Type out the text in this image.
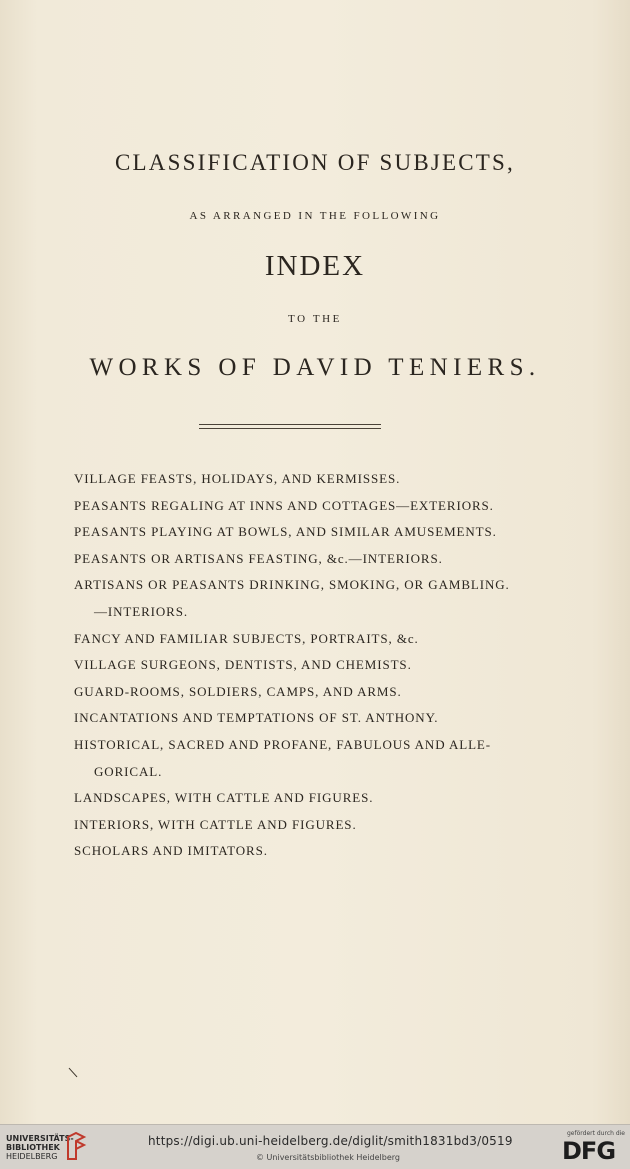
CLASSIFICATION OF SUBJECTS,
AS ARRANGED IN THE FOLLOWING
INDEX
TO THE
WORKS OF DAVID TENIERS.
VILLAGE FEASTS, HOLIDAYS, AND KERMISSES.
PEASANTS REGALING AT INNS AND COTTAGES—EXTERIORS.
PEASANTS PLAYING AT BOWLS, AND SIMILAR AMUSEMENTS.
PEASANTS OR ARTISANS FEASTING, &c.—INTERIORS.
ARTISANS OR PEASANTS DRINKING, SMOKING, OR GAMBLING.
—INTERIORS.
FANCY AND FAMILIAR SUBJECTS, PORTRAITS, &c.
VILLAGE SURGEONS, DENTISTS, AND CHEMISTS.
GUARD-ROOMS, SOLDIERS, CAMPS, AND ARMS.
INCANTATIONS AND TEMPTATIONS OF ST. ANTHONY.
HISTORICAL, SACRED AND PROFANE, FABULOUS AND ALLE-
GORICAL.
LANDSCAPES, WITH CATTLE AND FIGURES.
INTERIORS, WITH CATTLE AND FIGURES.
SCHOLARS AND IMITATORS.
UNIVERSITÄTS-
BIBLIOTHEK
HEIDELBERG
https://digi.ub.uni-heidelberg.de/diglit/smith1831bd3/0519
© Universitätsbibliothek Heidelberg
gefördert durch die
DFG
